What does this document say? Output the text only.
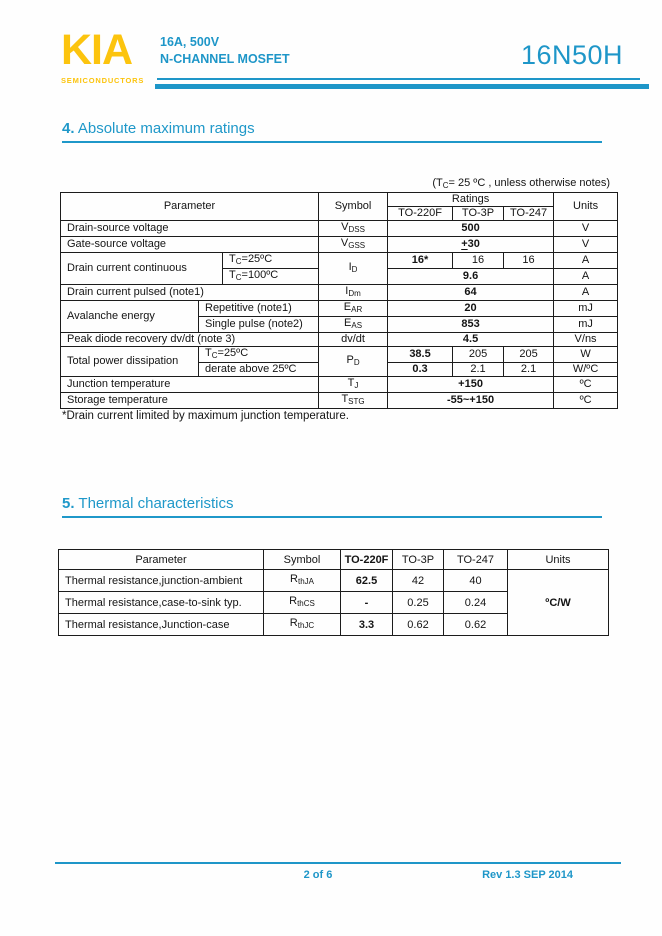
KIA
SEMICONDUCTORS
16A, 500V
N-CHANNEL MOSFET	16N50H
4. Absolute maximum ratings
($T_C= 25$ ºC , unless otherwise notes)
Parameter			Symbol	Ratings			Units
				TO-220F	TO-3P	TO-247	
Drain-source voltage			$V_{DSS}$	500			V
Gate-source voltage			$V_{GSS}$	+30			V
Drain current continuous		$T_C=25ºC$	$I_D$	16*	16	16	A
		$T_C=100ºC$		9.6			A
Drain current pulsed (note1)			$I_{Dm}$	64			A
Avalanche energy	Repetitive (note1)		$E_{AR}$	20			mJ
	Single pulse (note2)		$E_{AS}$	853			mJ
Peak diode recovery dv/dt (note 3)			dv/dt	4.5			V/ns
Total power dissipation	$T_C=25ºC$		$P_D$	38.5	205	205	W
	derate above 25ºC			0.3	2.1	2.1	W/ºC
Junction temperature			$T_J$	+150			ºC
Storage temperature			$T_{STG}$	-55~+150			ºC
*Drain current limited by maximum junction temperature.
5. Thermal characteristics
Parameter	Symbol	TO-220F	TO-3P	TO-247	Units
Thermal resistance,junction-ambient	$R_{thJA}$	62.5	42	40	ºC/W
Thermal resistance,case-to-sink typ.	$R_{thCS}$	-	0.25	0.24	
Thermal resistance,Junction-case	$R_{thJC}$	3.3	0.62	0.62	
2 of 6	Rev 1.3 SEP 2014
